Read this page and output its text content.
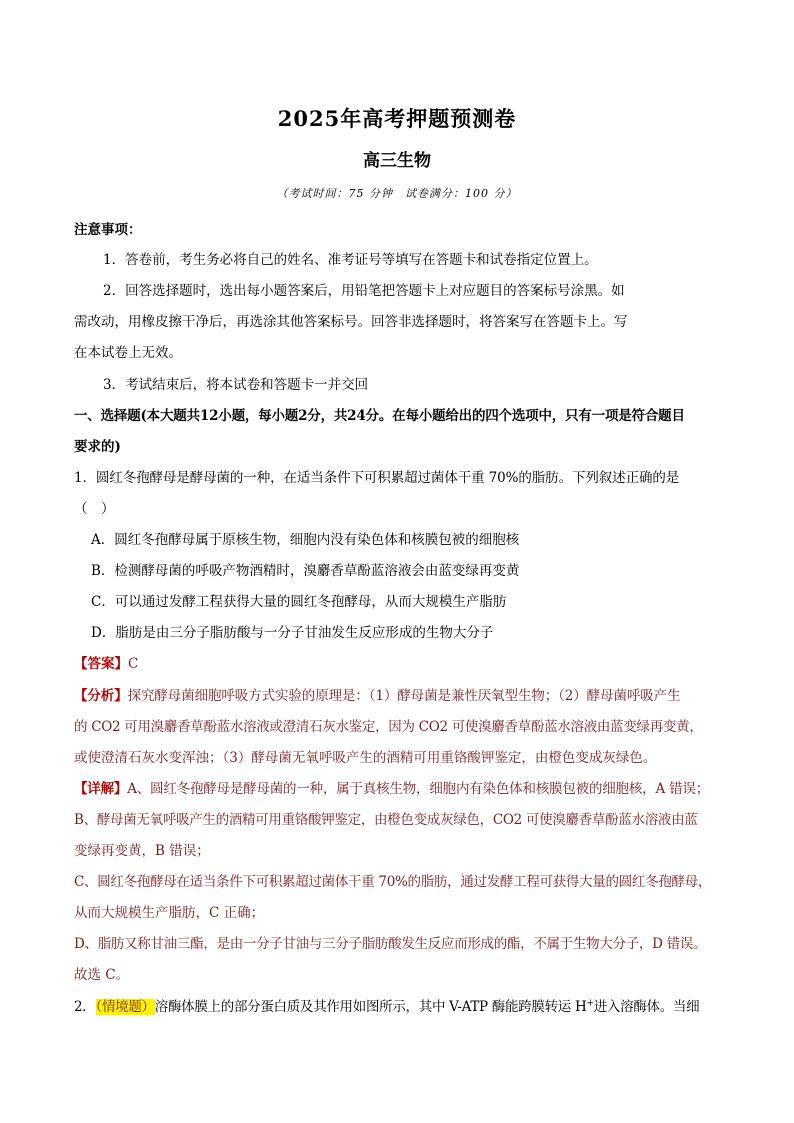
2025年高考押题预测卷
高三生物
（考试时间：75 分钟　试卷满分：100 分）
注意事项：
1．答卷前，考生务必将自己的姓名、准考证号等填写在答题卡和试卷指定位置上。
2．回答选择题时，选出每小题答案后，用铅笔把答题卡上对应题目的答案标号涂黑。如
需改动，用橡皮擦干净后，再选涂其他答案标号。回答非选择题时，将答案写在答题卡上。写
在本试卷上无效。
3．考试结束后，将本试卷和答题卡一并交回
一、选择题(本大题共12小题，每小题2分，共24分。在每小题给出的四个选项中，只有一项是符合题目
要求的)
1．圆红冬孢酵母是酵母菌的一种，在适当条件下可积累超过菌体干重 70%的脂肪。下列叙述正确的是
（　）
A．圆红冬孢酵母属于原核生物，细胞内没有染色体和核膜包被的细胞核
B．检测酵母菌的呼吸产物酒精时，溴麝香草酚蓝溶液会由蓝变绿再变黄
C．可以通过发酵工程获得大量的圆红冬孢酵母，从而大规模生产脂肪
D．脂肪是由三分子脂肪酸与一分子甘油发生反应形成的生物大分子
【答案】C
【分析】探究酵母菌细胞呼吸方式实验的原理是：（1）酵母菌是兼性厌氧型生物；（2）酵母菌呼吸产生
的 CO2 可用溴麝香草酚蓝水溶液或澄清石灰水鉴定，因为 CO2 可使溴麝香草酚蓝水溶液由蓝变绿再变黄，
或使澄清石灰水变浑浊；（3）酵母菌无氧呼吸产生的酒精可用重铬酸钾鉴定，由橙色变成灰绿色。
【详解】A、圆红冬孢酵母是酵母菌的一种，属于真核生物，细胞内有染色体和核膜包被的细胞核，A 错误；
B、酵母菌无氧呼吸产生的酒精可用重铬酸钾鉴定，由橙色变成灰绿色，CO2 可使溴麝香草酚蓝水溶液由蓝
变绿再变黄，B 错误；
C、圆红冬孢酵母在适当条件下可积累超过菌体干重 70%的脂肪，通过发酵工程可获得大量的圆红冬孢酵母，
从而大规模生产脂肪，C 正确；
D、脂肪又称甘油三酯，是由一分子甘油与三分子脂肪酸发生反应而形成的酯，不属于生物大分子，D 错误。
故选 C。
2．（情境题）溶酶体膜上的部分蛋白质及其作用如图所示，其中 V-ATP 酶能跨膜转运 H+进入溶酶体。当细
